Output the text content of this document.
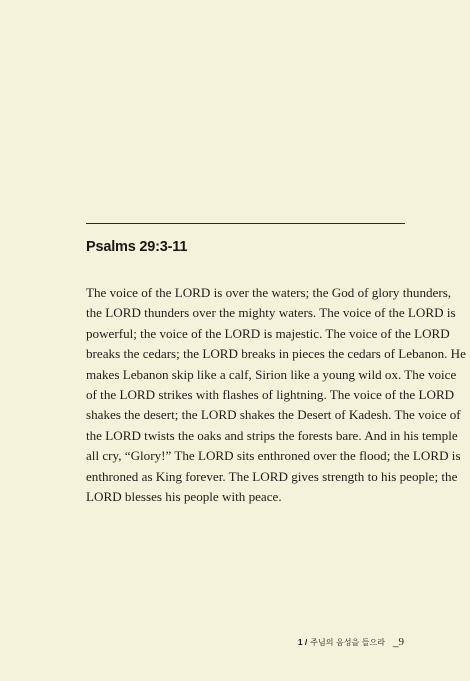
Psalms 29:3-11
The voice of the LORD is over the waters; the God of glory thunders,
the LORD thunders over the mighty waters. The voice of the LORD is
powerful; the voice of the LORD is majestic. The voice of the LORD
breaks the cedars; the LORD breaks in pieces the cedars of Lebanon. He
makes Lebanon skip like a calf, Sirion like a young wild ox. The voice
of the LORD strikes with flashes of lightning. The voice of the LORD
shakes the desert; the LORD shakes the Desert of Kadesh. The voice of
the LORD twists the oaks and strips the forests bare. And in his temple
all cry, “Glory!” The LORD sits enthroned over the flood; the LORD is
enthroned as King forever. The LORD gives strength to his people; the
LORD blesses his people with peace.
1 / 주님의 음성을 들으라 _ 9
